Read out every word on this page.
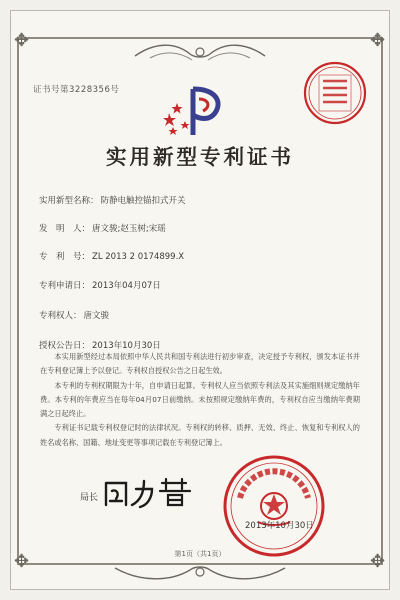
✥	✥
✥	✥
证书号第3228356号
实用新型专利证书
实用新型名称： 防静电触控锚扣式开关
发　明　人： 唐文骏;赵玉树;宋瑶
专　利　号： ZL 2013 2 0174899.X
专利申请日： 2013年04月07日
专利权人： 唐文骏
授权公告日： 2013年10月30日

本实用新型经过本局依照中华人民共和国专利法进行初步审查，决定授予专利权，颁发本证书并在专利登记簿上予以登记。专利权自授权公告之日起生效。

本专利的专利权期限为十年，自申请日起算。专利权人应当依照专利法及其实施细则规定缴纳年费。本专利的年费应当在每年04月07日前缴纳。未按照规定缴纳年费的，专利权自应当缴纳年费期满之日起终止。

专利证书记载专利权登记时的法律状况。专利权的转移、质押、无效、终止、恢复和专利权人的姓名或名称、国籍、地址变更等事项记载在专利登记簿上。

局长
2013年10月30日
第1页（共1页）
